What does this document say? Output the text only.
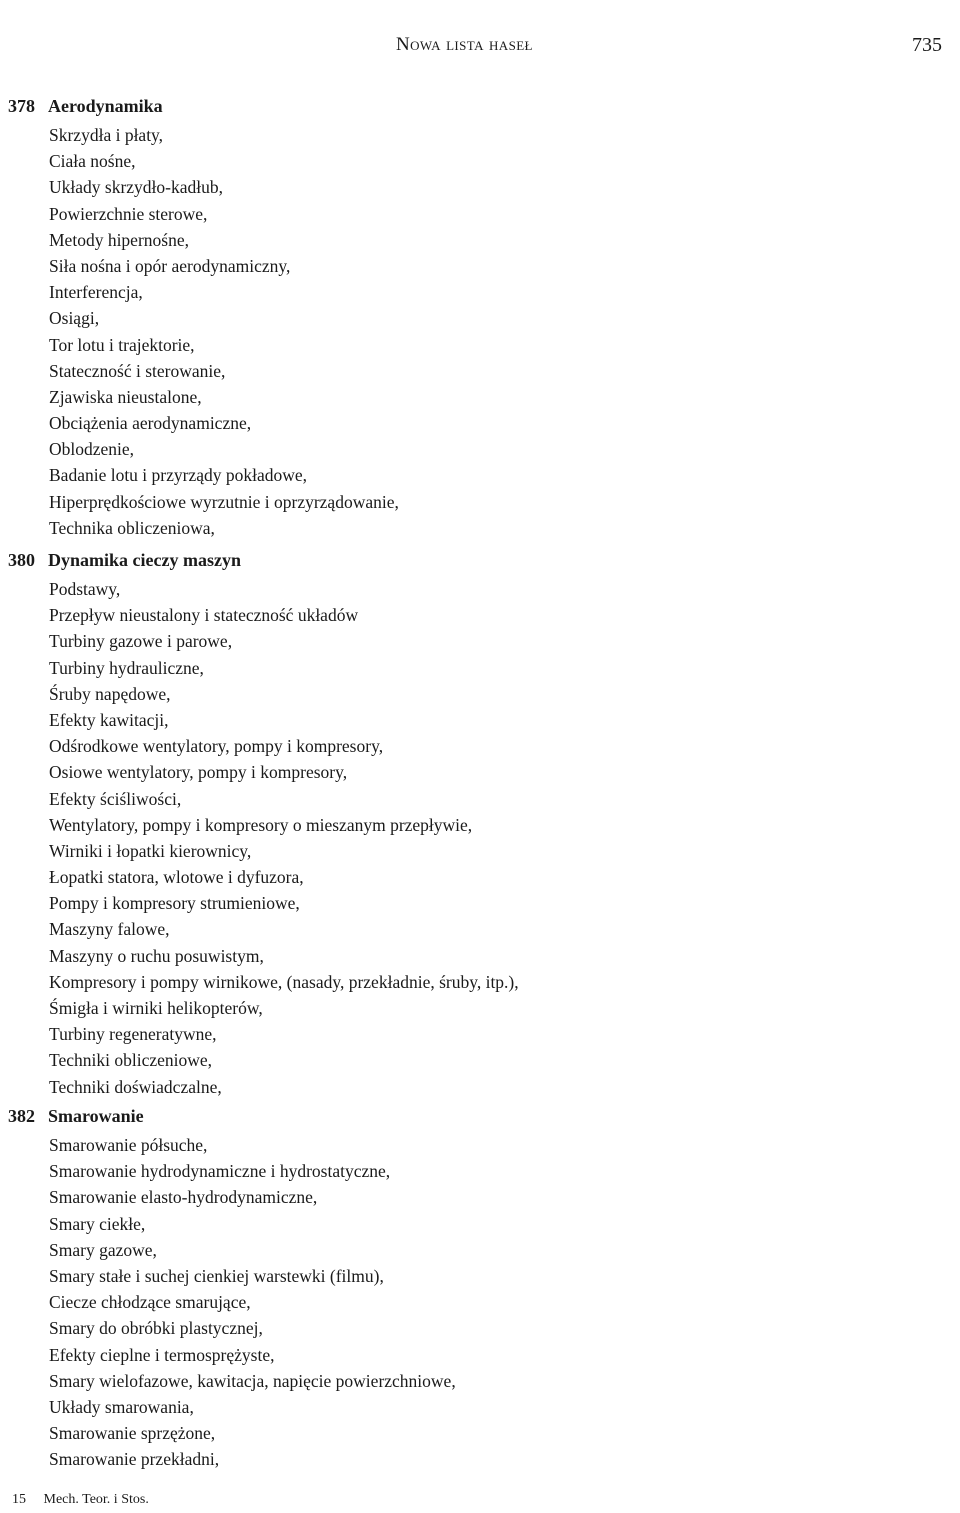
Nowa lista haseł	735
378 Aerodynamika
Skrzydła i płaty,
Ciała nośne,
Układy skrzydło-kadłub,
Powierzchnie sterowe,
Metody hipernośne,
Siła nośna i opór aerodynamiczny,
Interferencja,
Osiągi,
Tor lotu i trajektorie,
Stateczność i sterowanie,
Zjawiska nieustalone,
Obciążenia aerodynamiczne,
Oblodzenie,
Badanie lotu i przyrządy pokładowe,
Hiperprędkościowe wyrzutnie i oprzyrządowanie,
Technika obliczeniowa,
380 Dynamika cieczy maszyn
Podstawy,
Przepływ nieustalony i stateczność układów
Turbiny gazowe i parowe,
Turbiny hydrauliczne,
Śruby napędowe,
Efekty kawitacji,
Odśrodkowe wentylatory, pompy i kompresory,
Osiowe wentylatory, pompy i kompresory,
Efekty ściśliwości,
Wentylatory, pompy i kompresory o mieszanym przepływie,
Wirniki i łopatki kierownicy,
Łopatki statora, wlotowe i dyfuzora,
Pompy i kompresory strumieniowe,
Maszyny falowe,
Maszyny o ruchu posuwistym,
Kompresory i pompy wirnikowe, (nasady, przekładnie, śruby, itp.),
Śmigła i wirniki helikopterów,
Turbiny regeneratywne,
Techniki obliczeniowe,
Techniki doświadczalne,
382 Smarowanie
Smarowanie półsuche,
Smarowanie hydrodynamiczne i hydrostatyczne,
Smarowanie elasto-hydrodynamiczne,
Smary ciekłe,
Smary gazowe,
Smary stałe i suchej cienkiej warstewki (filmu),
Ciecze chłodzące smarujące,
Smary do obróbki plastycznej,
Efekty cieplne i termosprężyste,
Smary wielofazowe, kawitacja, napięcie powierzchniowe,
Układy smarowania,
Smarowanie sprzężone,
Smarowanie przekładni,
15 Mech. Teor. i Stos.
